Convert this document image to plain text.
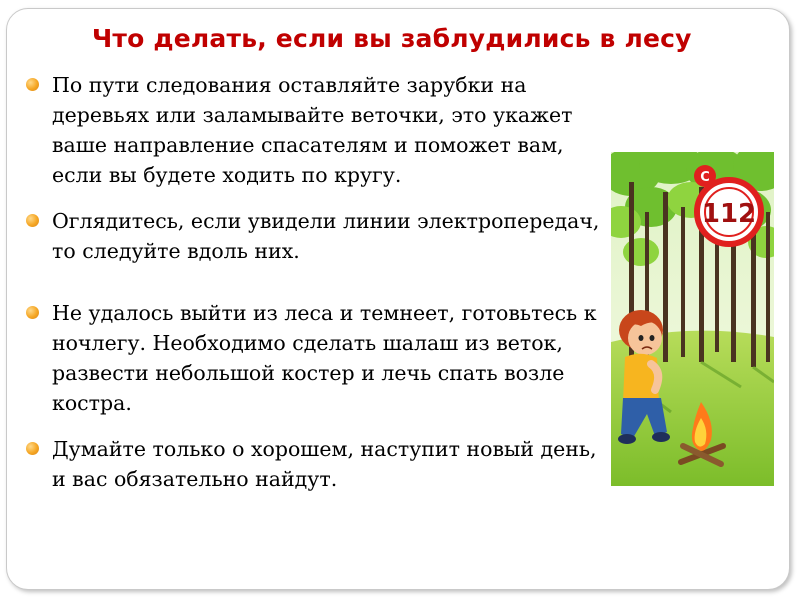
Что делать, если вы заблудились в лесу
По пути следования оставляйте зарубки на деревьях или заламывайте веточки, это укажет ваше направление спасателям и поможет вам, если вы будете ходить по кругу.
Оглядитесь, если увидели линии электропередач, то следуйте вдоль них.
Не удалось выйти из леса и темнеет, готовьтесь к ночлегу. Необходимо сделать шалаш из веток, развести небольшой костер и лечь спать возле костра.
Думайте только о хорошем, наступит новый день, и вас обязательно найдут.
112
С
